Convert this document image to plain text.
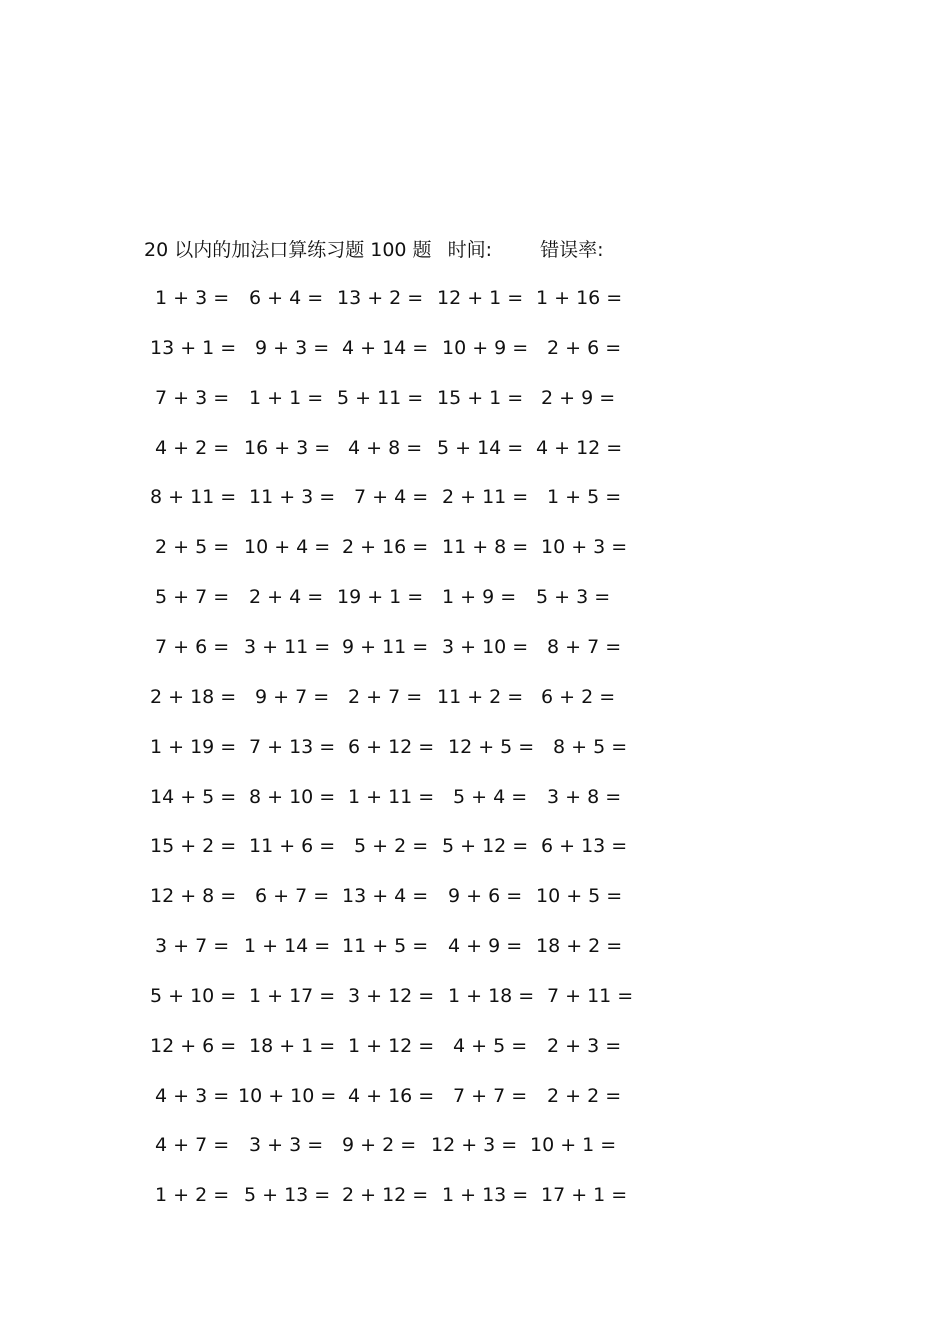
20 以内的加法口算练习题 100 题 时间:	错误率:
1 + 3 = 6 + 4 = 13 + 2 = 12 + 1 = 1 + 16 =
13 + 1 = 9 + 3 = 4 + 14 = 10 + 9 = 2 + 6 =
7 + 3 = 1 + 1 = 5 + 11 = 15 + 1 = 2 + 9 =
4 + 2 = 16 + 3 = 4 + 8 = 5 + 14 = 4 + 12 =
8 + 11 = 11 + 3 = 7 + 4 = 2 + 11 = 1 + 5 =
2 + 5 = 10 + 4 = 2 + 16 = 11 + 8 = 10 + 3 =
5 + 7 = 2 + 4 = 19 + 1 = 1 + 9 = 5 + 3 =
7 + 6 = 3 + 11 = 9 + 11 = 3 + 10 = 8 + 7 =
2 + 18 = 9 + 7 = 2 + 7 = 11 + 2 = 6 + 2 =
1 + 19 = 7 + 13 = 6 + 12 = 12 + 5 = 8 + 5 =
14 + 5 = 8 + 10 = 1 + 11 = 5 + 4 = 3 + 8 =
15 + 2 = 11 + 6 = 5 + 2 = 5 + 12 = 6 + 13 =
12 + 8 = 6 + 7 = 13 + 4 = 9 + 6 = 10 + 5 =
3 + 7 = 1 + 14 = 11 + 5 = 4 + 9 = 18 + 2 =
5 + 10 = 1 + 17 = 3 + 12 = 1 + 18 = 7 + 11 =
12 + 6 = 18 + 1 = 1 + 12 = 4 + 5 = 2 + 3 =
4 + 3 = 10 + 10 = 4 + 16 = 7 + 7 = 2 + 2 =
4 + 7 = 3 + 3 = 9 + 2 = 12 + 3 = 10 + 1 =
1 + 2 = 5 + 13 = 2 + 12 = 1 + 13 = 17 + 1 =
